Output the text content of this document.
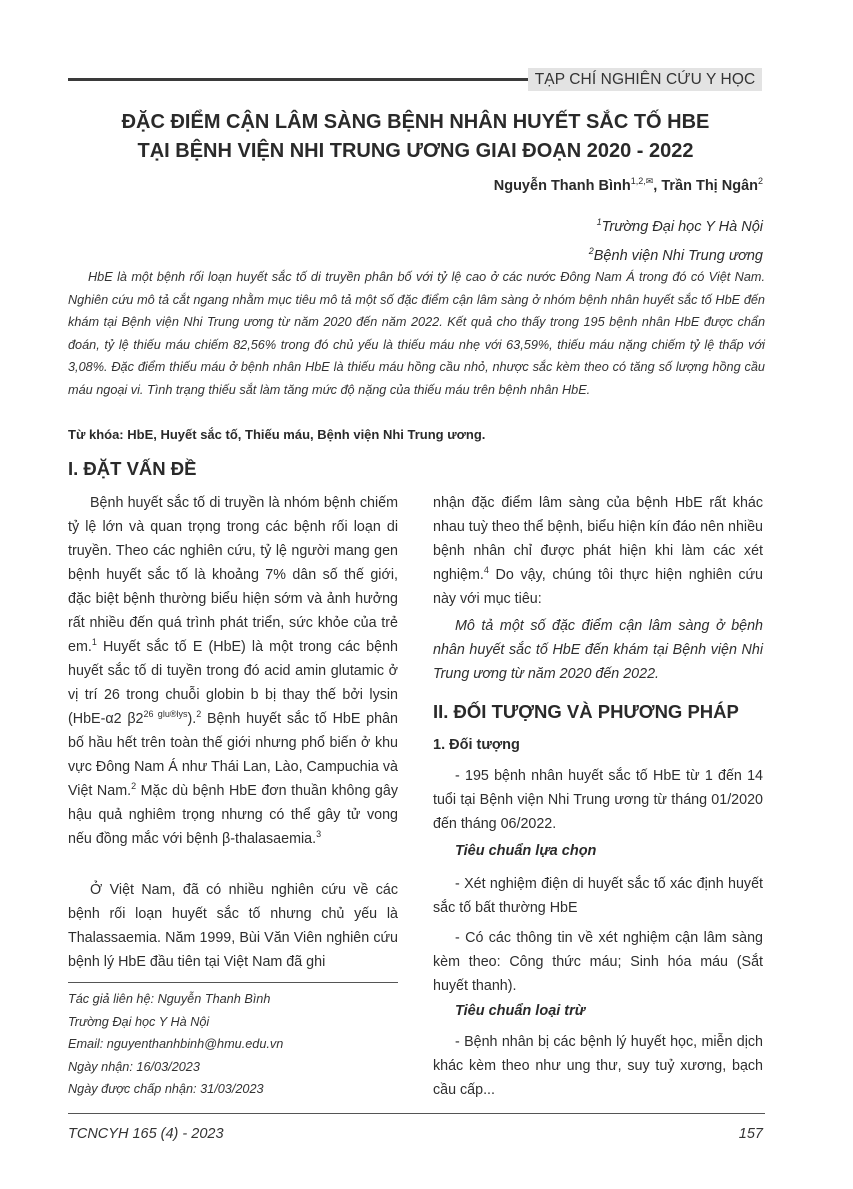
TẠP CHÍ NGHIÊN CỨU Y HỌC
ĐẶC ĐIỂM CẬN LÂM SÀNG BỆNH NHÂN HUYẾT SẮC TỐ HBE
TẠI BỆNH VIỆN NHI TRUNG ƯƠNG GIAI ĐOẠN 2020 - 2022
Nguyễn Thanh Bình$^{1,2,✉}$, Trần Thị Ngân$^2$
$^1$Trường Đại học Y Hà Nội
$^2$Bệnh viện Nhi Trung ương

HbE là một bệnh rối loạn huyết sắc tố di truyền phân bố với tỷ lệ cao ở các nước Đông Nam Á trong đó có Việt Nam. Nghiên cứu mô tả cắt ngang nhằm mục tiêu mô tả một số đặc điểm cận lâm sàng ở nhóm bệnh nhân huyết sắc tố HbE đến khám tại Bệnh viện Nhi Trung ương từ năm 2020 đến năm 2022. Kết quả cho thấy trong 195 bệnh nhân HbE được chẩn đoán, tỷ lệ thiếu máu chiếm 82,56% trong đó chủ yếu là thiếu máu nhẹ với 63,59%, thiếu máu nặng chiếm tỷ lệ thấp với 3,08%. Đặc điểm thiếu máu ở bệnh nhân HbE là thiếu máu hồng cầu nhỏ, nhược sắc kèm theo có tăng số lượng hồng cầu máu ngoại vi. Tình trạng thiếu sắt làm tăng mức độ nặng của thiếu máu trên bệnh nhân HbE.

Từ khóa: HbE, Huyết sắc tố, Thiếu máu, Bệnh viện Nhi Trung ương.
I. ĐẶT VẤN ĐỀ

Bệnh huyết sắc tố di truyền là nhóm bệnh chiếm tỷ lệ lớn và quan trọng trong các bệnh rối loạn di truyền. Theo các nghiên cứu, tỷ lệ người mang gen bệnh huyết sắc tố là khoảng 7% dân số thế giới, đặc biệt bệnh thường biểu hiện sớm và ảnh hưởng rất nhiều đến quá trình phát triển, sức khỏe của trẻ em.$^1$ Huyết sắc tố E (HbE) là một trong các bệnh huyết sắc tố di tuyền trong đó acid amin glutamic ở vị trí 26 trong chuỗi globin b bị thay thế bởi lysin (HbE-α2 $\beta 2^{26 glu®lys}).^2$ Bệnh huyết sắc tố HbE phân bố hầu hết trên toàn thế giới nhưng phổ biến ở khu vực Đông Nam Á như Thái Lan, Lào, Campuchia và Việt Nam.$^2$ Mặc dù bệnh HbE đơn thuần không gây hậu quả nghiêm trọng nhưng có thể gây tử vong nếu đồng mắc với bệnh β-thalasaemia.$^3$

Ở Việt Nam, đã có nhiều nghiên cứu về các bệnh rối loạn huyết sắc tố nhưng chủ yếu là Thalassaemia. Năm 1999, Bùi Văn Viên nghiên cứu bệnh lý HbE đầu tiên tại Việt Nam đã ghi

nhận đặc điểm lâm sàng của bệnh HbE rất khác nhau tuỳ theo thể bệnh, biểu hiện kín đáo nên nhiều bệnh nhân chỉ được phát hiện khi làm các xét nghiệm.$^4$ Do vậy, chúng tôi thực hiện nghiên cứu này với mục tiêu:

Mô tả một số đặc điểm cận lâm sàng ở bệnh nhân huyết sắc tố HbE đến khám tại Bệnh viện Nhi Trung ương từ năm 2020 đến 2022.

II. ĐỐI TƯỢNG VÀ PHƯƠNG PHÁP
1. Đối tượng

- 195 bệnh nhân huyết sắc tố HbE từ 1 đến 14 tuổi tại Bệnh viện Nhi Trung ương từ tháng 01/2020 đến tháng 06/2022.

Tiêu chuẩn lựa chọn

- Xét nghiệm điện di huyết sắc tố xác định huyết sắc tố bất thường HbE

- Có các thông tin về xét nghiệm cận lâm sàng kèm theo: Công thức máu; Sinh hóa máu (Sắt huyết thanh).

Tiêu chuẩn loại trừ

- Bệnh nhân bị các bệnh lý huyết học, miễn dịch khác kèm theo như ung thư, suy tuỷ xương, bạch cầu cấp...

Tác giả liên hệ: Nguyễn Thanh Bình
Trường Đại học Y Hà Nội
Email: nguyenthanhbinh@hmu.edu.vn
Ngày nhận: 16/03/2023
Ngày được chấp nhận: 31/03/2023
TCNCYH 165 (4) - 2023	157
